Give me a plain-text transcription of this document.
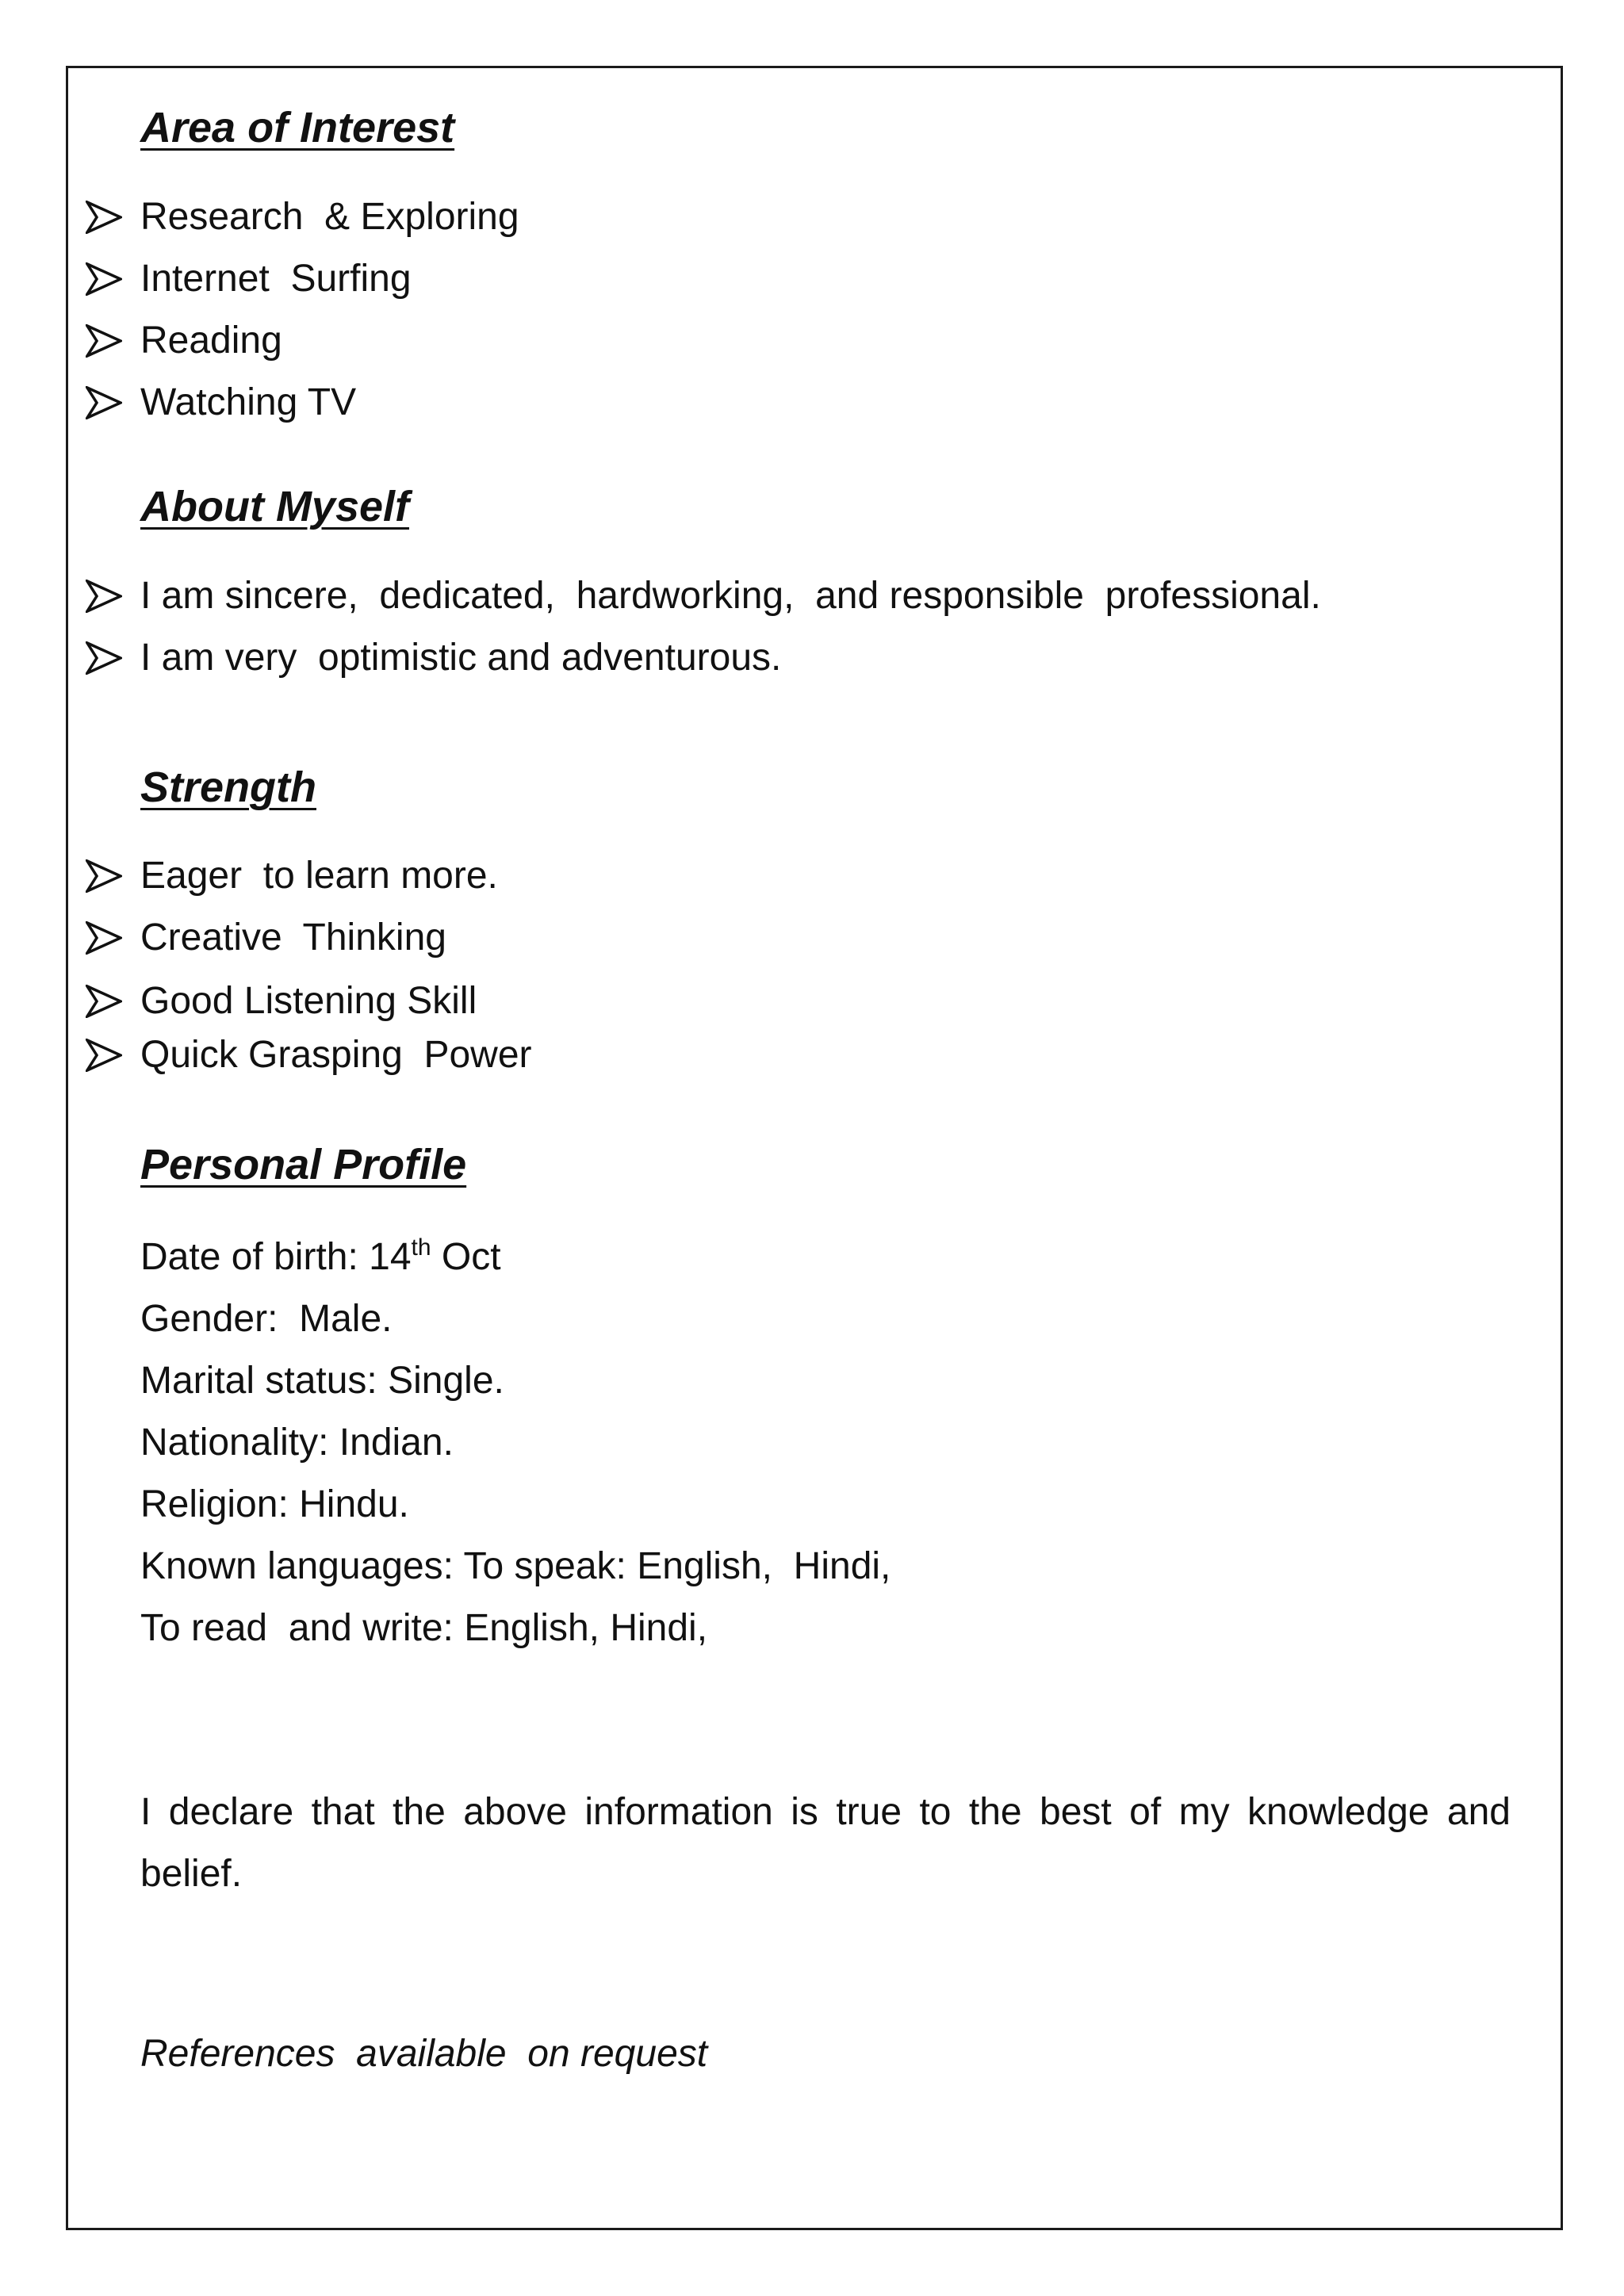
Area of Interest
Research  & Exploring
Internet  Surfing
Reading
Watching TV
About Myself
I am sincere,  dedicated,  hardworking,  and responsible  professional.
I am very  optimistic and adventurous.
Strength
Eager  to learn more.
Creative  Thinking
Good Listening Skill
Quick Grasping  Power
Personal Profile
Date of birth: 14th Oct
Gender:  Male.
Marital status: Single.
Nationality: Indian.
Religion: Hindu.
Known languages: To speak: English,  Hindi,
To read  and write: English, Hindi,
I declare that the above information is true to the best of my knowledge and belief.
References  available  on request
